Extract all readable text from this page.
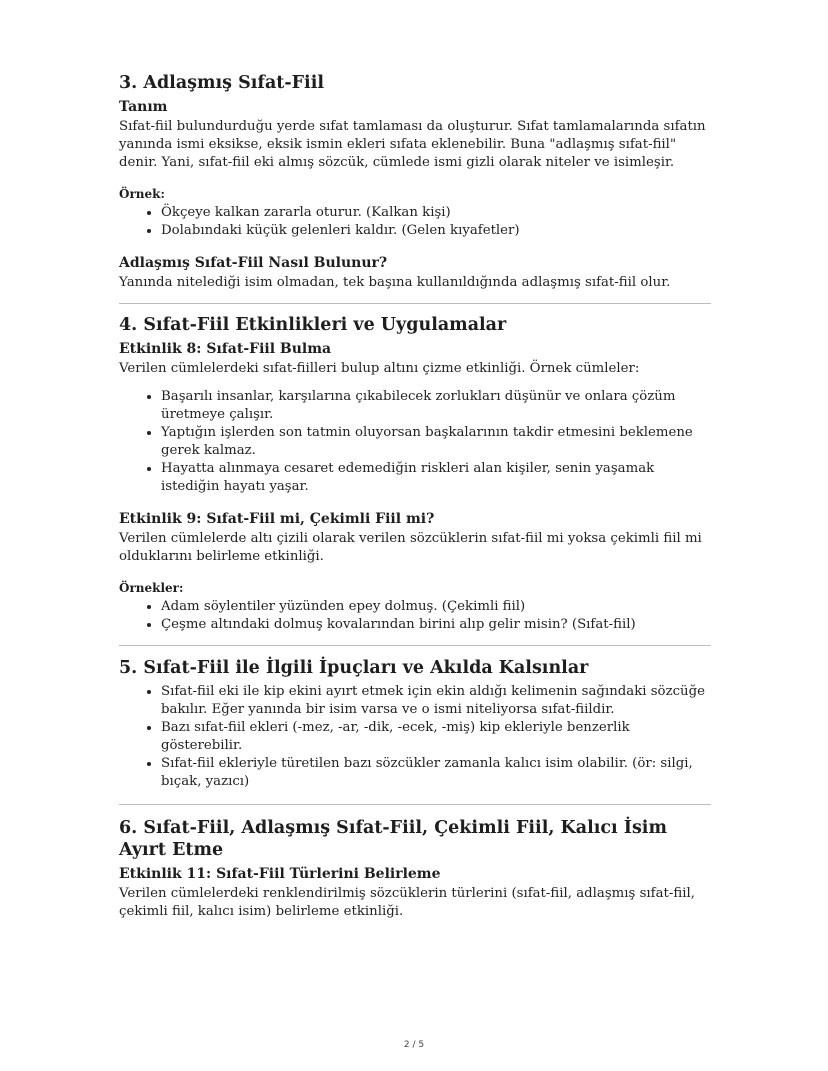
3. Adlaşmış Sıfat-Fiil
Tanım

Sıfat-fiil bulundurduğu yerde sıfat tamlaması da oluşturur. Sıfat tamlamalarında sıfatın yanında ismi eksikse, eksik ismin ekleri sıfata eklenebilir. Buna "adlaşmış sıfat-fiil" denir. Yani, sıfat-fiil eki almış sözcük, cümlede ismi gizli olarak niteler ve isimleşir.

Örnek:
• Ökçeye kalkan zararla oturur. (Kalkan kişi)
• Dolabındaki küçük gelenleri kaldır. (Gelen kıyafetler)
Adlaşmış Sıfat-Fiil Nasıl Bulunur?

Yanında nitelediği isim olmadan, tek başına kullanıldığında adlaşmış sıfat-fiil olur.

4. Sıfat-Fiil Etkinlikleri ve Uygulamalar
Etkinlik 8: Sıfat-Fiil Bulma

Verilen cümlelerdeki sıfat-fiilleri bulup altını çizme etkinliği. Örnek cümleler:

• Başarılı insanlar, karşılarına çıkabilecek zorlukları düşünür ve onlara çözüm üretmeye çalışır.
• Yaptığın işlerden son tatmin oluyorsan başkalarının takdir etmesini beklemene gerek kalmaz.
• Hayatta alınmaya cesaret edemediğin riskleri alan kişiler, senin yaşamak istediğin hayatı yaşar.
Etkinlik 9: Sıfat-Fiil mi, Çekimli Fiil mi?

Verilen cümlelerde altı çizili olarak verilen sözcüklerin sıfat-fiil mi yoksa çekimli fiil mi olduklarını belirleme etkinliği.

Örnekler:
• Adam söylentiler yüzünden epey dolmuş. (Çekimli fiil)
• Çeşme altındaki dolmuş kovalarından birini alıp gelir misin? (Sıfat-fiil)
5. Sıfat-Fiil ile İlgili İpuçları ve Akılda Kalsınlar
• Sıfat-fiil eki ile kip ekini ayırt etmek için ekin aldığı kelimenin sağındaki sözcüğe bakılır. Eğer yanında bir isim varsa ve o ismi niteliyorsa sıfat-fiildir.
• Bazı sıfat-fiil ekleri (-mez, -ar, -dik, -ecek, -miş) kip ekleriyle benzerlik gösterebilir.
• Sıfat-fiil ekleriyle türetilen bazı sözcükler zamanla kalıcı isim olabilir. (ör: silgi, bıçak, yazıcı)
6. Sıfat-Fiil, Adlaşmış Sıfat-Fiil, Çekimli Fiil, Kalıcı İsim Ayırt Etme
Etkinlik 11: Sıfat-Fiil Türlerini Belirleme

Verilen cümlelerdeki renklendirilmiş sözcüklerin türlerini (sıfat-fiil, adlaşmış sıfat-fiil, çekimli fiil, kalıcı isim) belirleme etkinliği.

2 / 5
